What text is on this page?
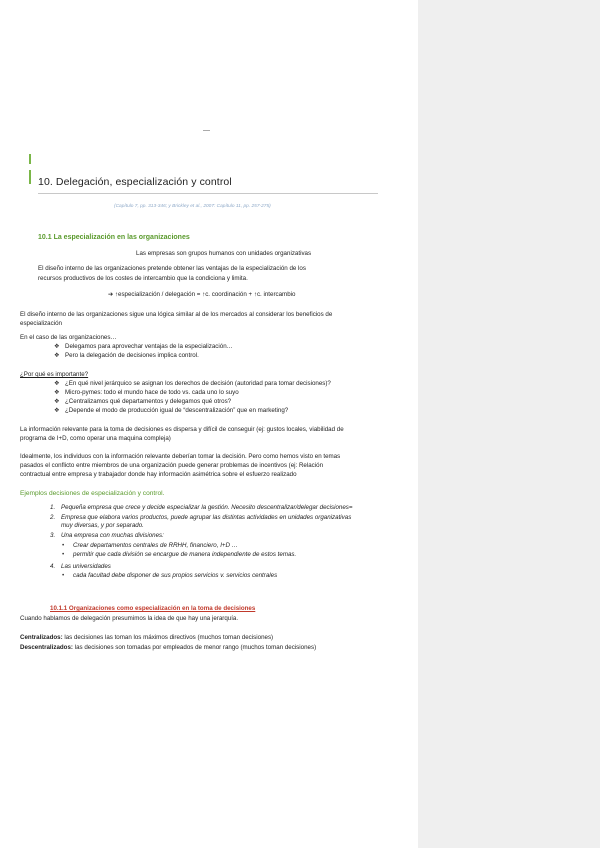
10. Delegación, especialización y control
(Capítulo 7, pp. 313-346; y Brickley et al., 2007: Capítulo 11, pp. 257-275)
10.1 La especialización en las organizaciones
Las empresas son grupos humanos con unidades organizativas
El diseño interno de las organizaciones pretende obtener las ventajas de la especialización de los
recursos productivos de los costes de intercambio que la condiciona y limita.
➔ ↑especialización / delegación = ↑c. coordinación + ↑c. intercambio
El diseño interno de las organizaciones sigue una lógica similar al de los mercados al considerar los beneficios de
especialización
En el caso de las organizaciones…
❖ Delegamos para aprovechar ventajas de la especialización…
❖ Pero la delegación de decisiones implica control.
¿Por qué es importante?
❖ ¿En qué nivel jerárquico se asignan los derechos de decisión (autoridad para tomar decisiones)?
❖ Micro-pymes: todo el mundo hace de todo vs. cada uno lo suyo
❖ ¿Centralizamos qué departamentos y delegamos qué otros?
❖ ¿Depende el modo de producción igual de “descentralización” que en marketing?
La información relevante para la toma de decisiones es dispersa y difícil de conseguir (ej: gustos locales, viabilidad de
programa de I+D, como operar una maquina compleja)
Idealmente, los individuos con la información relevante deberían tomar la decisión. Pero como hemos visto en temas
pasados el conflicto entre miembros de una organización puede generar problemas de incentivos (ej: Relación
contractual entre empresa y trabajador donde hay información asimétrica sobre el esfuerzo realizado
Ejemplos decisiones de especialización y control.
1. Pequeña empresa que crece y decide especializar la gestión. Necesito descentralizar/delegar decisiones=
2. Empresa que elabora varios productos, puede agrupar las distintas actividades en unidades organizativas
muy diversas, y por separado.
3. Una empresa con muchas divisiones:
• Crear departamentos centrales de RRHH, financiero, I+D …
• permitir que cada división se encargue de manera independiente de estos temas.
4. Las universidades
• cada facultad debe disponer de sus propios servicios v. servicios centrales
10.1.1 Organizaciones como especialización en la toma de decisiones
Cuando hablamos de delegación presumimos la idea de que hay una jerarquía.
Centralizados: las decisiones las toman los máximos directivos (muchos toman decisiones)
Descentralizados: las decisiones son tomadas por empleados de menor rango (muchos toman decisiones)
